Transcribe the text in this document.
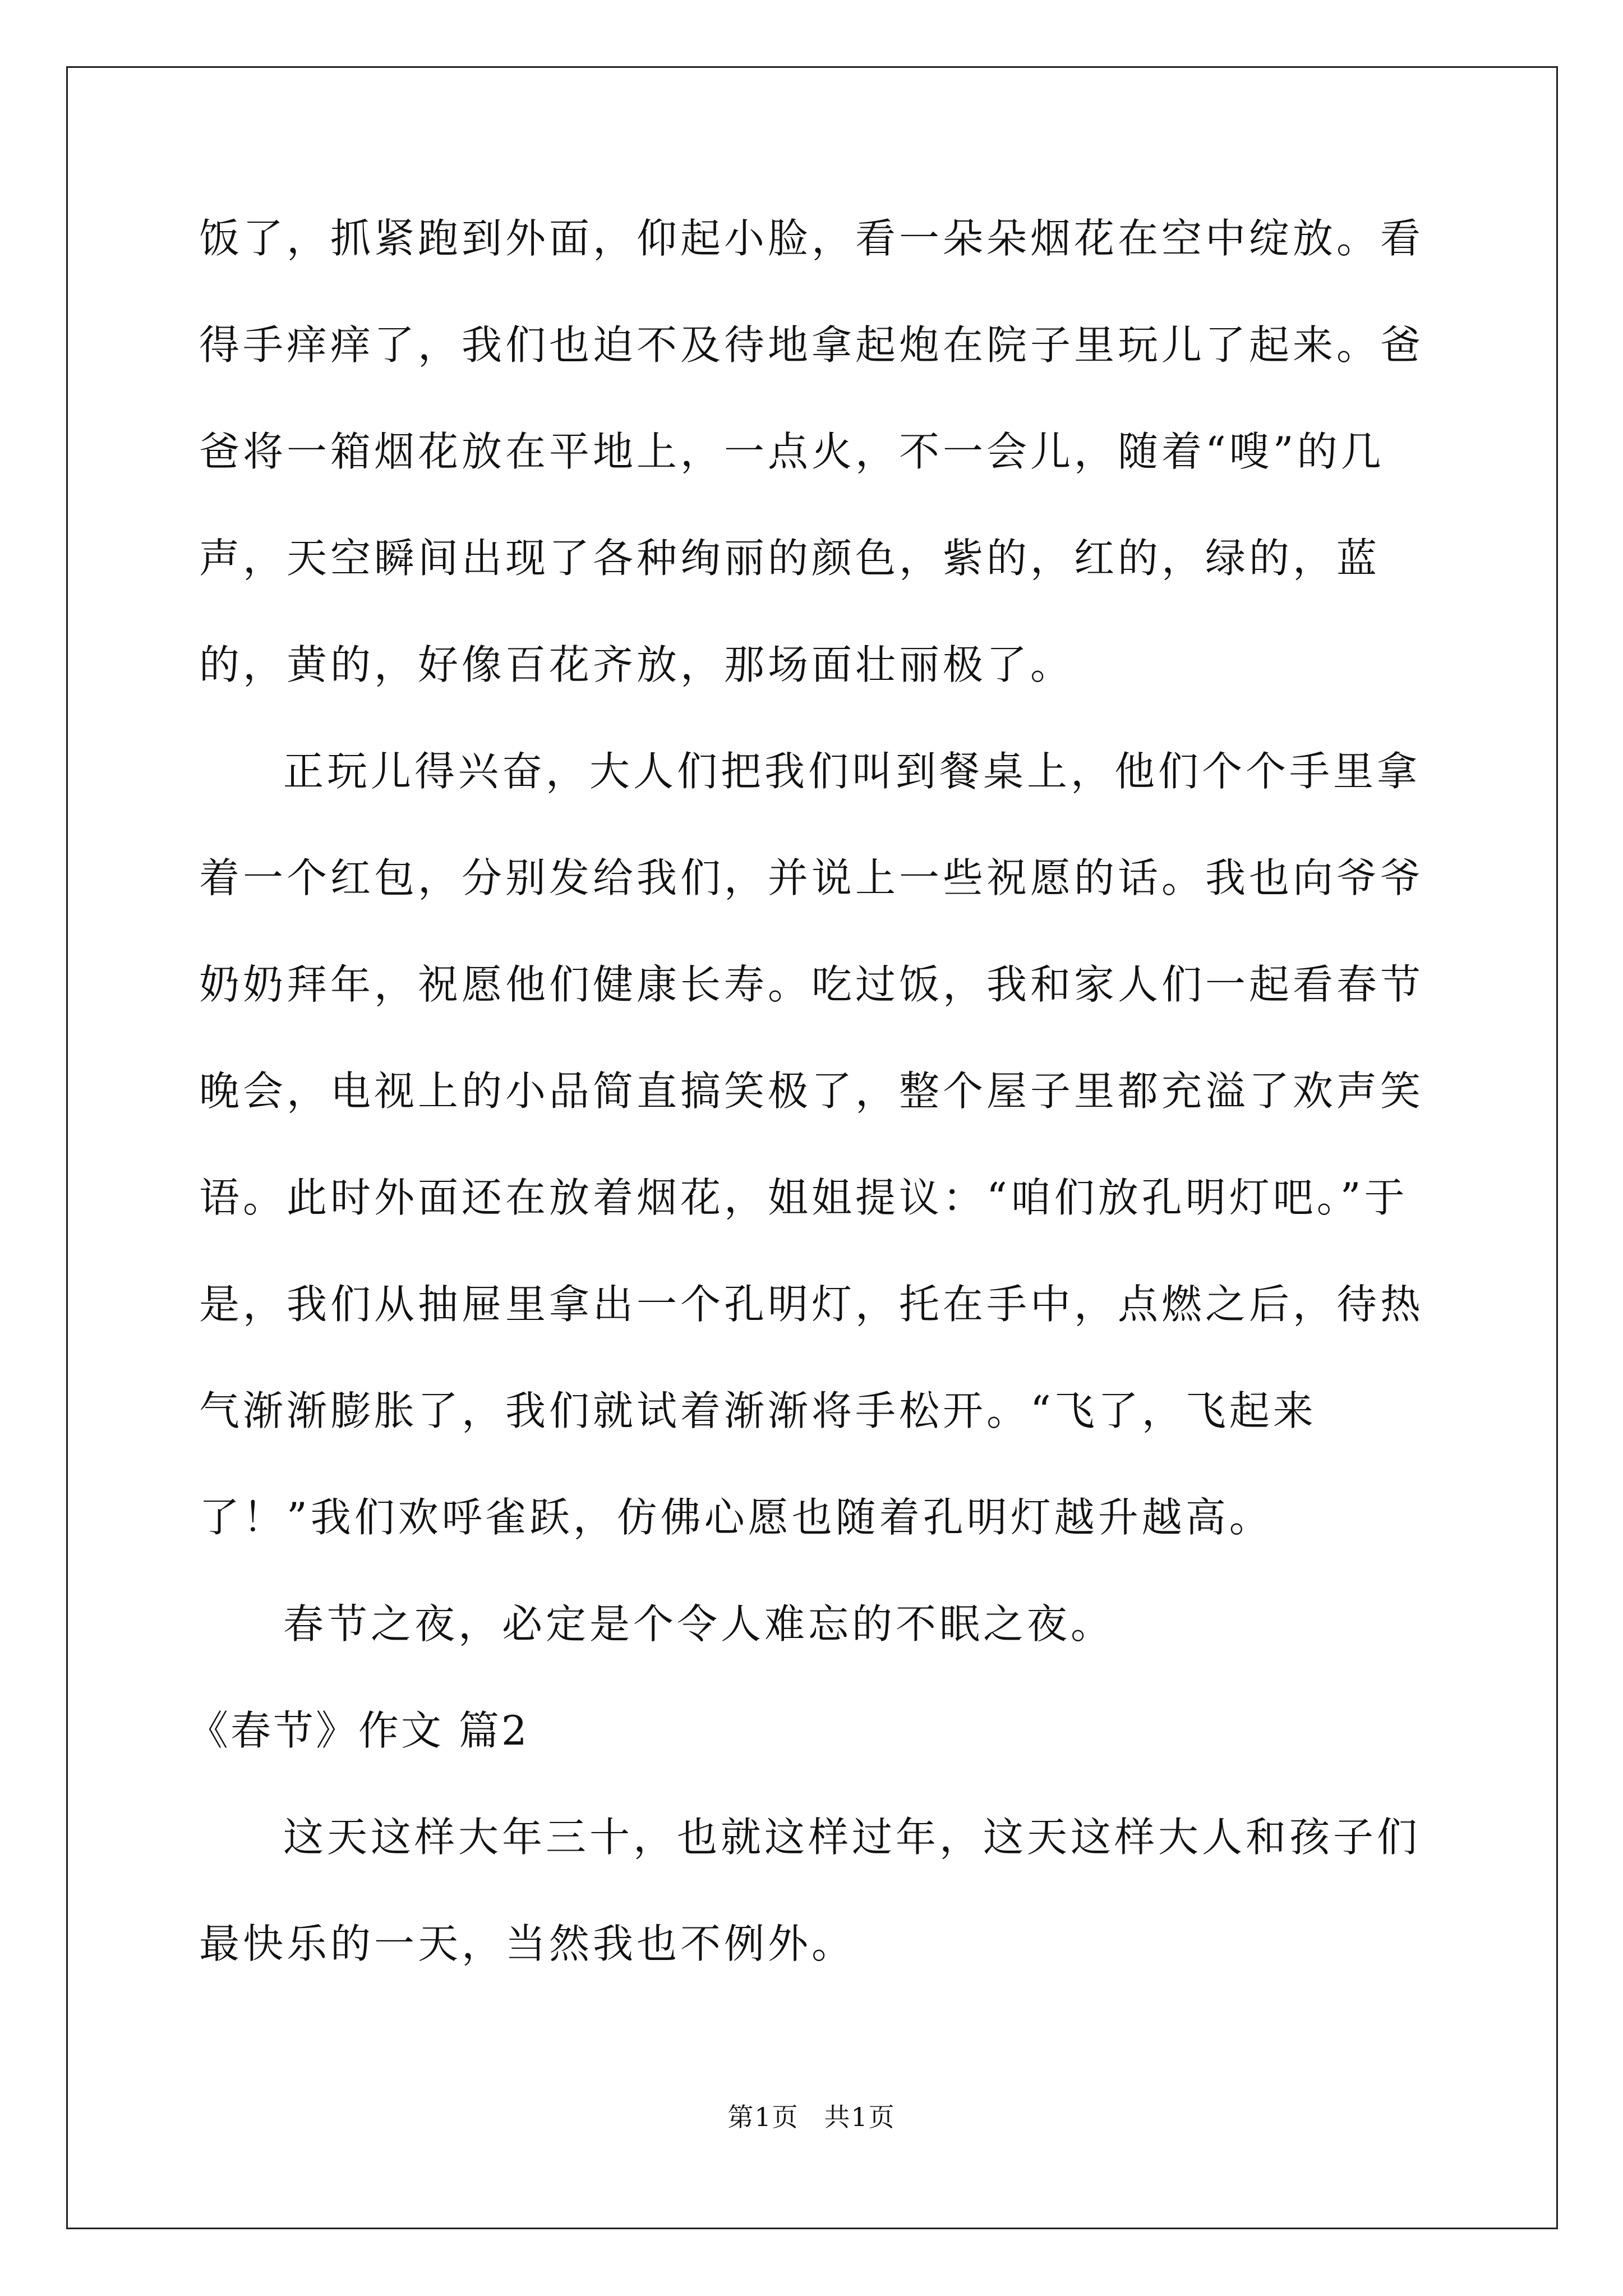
饭了，抓紧跑到外面，仰起小脸，看一朵朵烟花在空中绽放。看得手痒痒了，我们也迫不及待地拿起炮在院子里玩儿了起来。爸爸将一箱烟花放在平地上，一点火，不一会儿，随着“嗖”的几声，天空瞬间出现了各种绚丽的颜色，紫的，红的，绿的，蓝的，黄的，好像百花齐放，那场面壮丽极了。

正玩儿得兴奋，大人们把我们叫到餐桌上，他们个个手里拿着一个红包，分别发给我们，并说上一些祝愿的话。我也向爷爷奶奶拜年，祝愿他们健康长寿。吃过饭，我和家人们一起看春节晚会，电视上的小品简直搞笑极了，整个屋子里都充溢了欢声笑语。此时外面还在放着烟花，姐姐提议：“咱们放孔明灯吧。”于是，我们从抽屉里拿出一个孔明灯，托在手中，点燃之后，待热气渐渐膨胀了，我们就试着渐渐将手松开。“飞了，飞起来了！”我们欢呼雀跃，仿佛心愿也随着孔明灯越升越高。

春节之夜，必定是个令人难忘的不眠之夜。

《春节》作文 篇2

这天这样大年三十，也就这样过年，这天这样大人和孩子们最快乐的一天，当然我也不例外。

第1页 共1页
